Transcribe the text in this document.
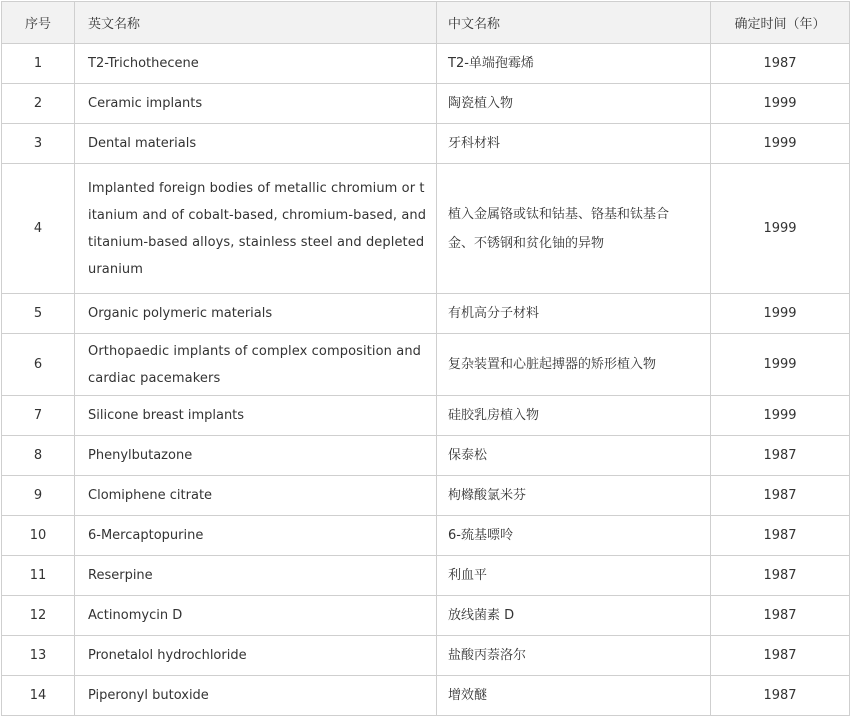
序号	英文名称	中文名称	确定时间（年）
1	T2-Trichothecene	T2-单端孢霉烯	1987
2	Ceramic implants	陶瓷植入物	1999
3	Dental materials	牙科材料	1999
4	Implanted foreign bodies of metallic chromium or titanium and of cobalt-based, chromium-based, and titanium-based alloys, stainless steel and depleted uranium	植入金属铬或钛和钴基、铬基和钛基合金、不锈钢和贫化铀的异物	1999
5	Organic polymeric materials	有机高分子材料	1999
6	Orthopaedic implants of complex composition and cardiac pacemakers	复杂装置和心脏起搏器的矫形植入物	1999
7	Silicone breast implants	硅胶乳房植入物	1999
8	Phenylbutazone	保泰松	1987
9	Clomiphene citrate	枸橼酸氯米芬	1987
10	6-Mercaptopurine	6-巯基嘌呤	1987
11	Reserpine	利血平	1987
12	Actinomycin D	放线菌素 D	1987
13	Pronetalol hydrochloride	盐酸丙萘洛尔	1987
14	Piperonyl butoxide	增效醚	1987
